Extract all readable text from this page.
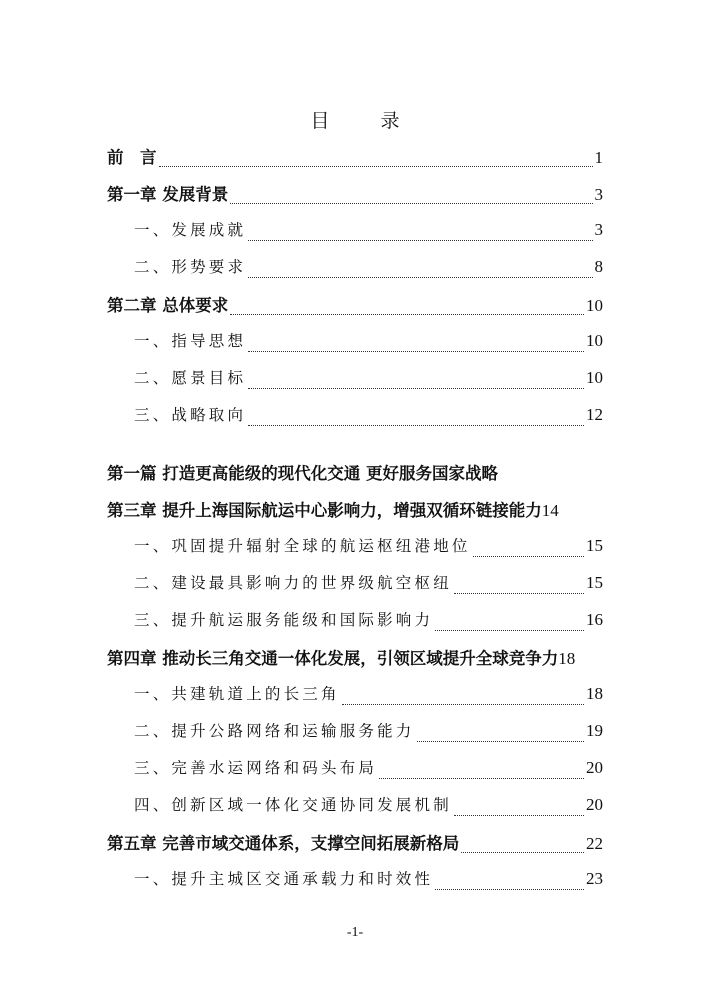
目　录
前　言	1
第一章 发展背景	3
一、发展成就	3
二、形势要求	8
第二章 总体要求	10
一、指导思想	10
二、愿景目标	10
三、战略取向	12
第一篇 打造更高能级的现代化交通 更好服务国家战略
第三章 提升上海国际航运中心影响力，增强双循环链接能力 14
一、巩固提升辐射全球的航运枢纽港地位	15
二、建设最具影响力的世界级航空枢纽	15
三、提升航运服务能级和国际影响力	16
第四章 推动长三角交通一体化发展，引领区域提升全球竞争力 18
一、共建轨道上的长三角	18
二、提升公路网络和运输服务能力	19
三、完善水运网络和码头布局	20
四、创新区域一体化交通协同发展机制	20
第五章 完善市域交通体系，支撑空间拓展新格局	22
一、提升主城区交通承载力和时效性	23
-1-
